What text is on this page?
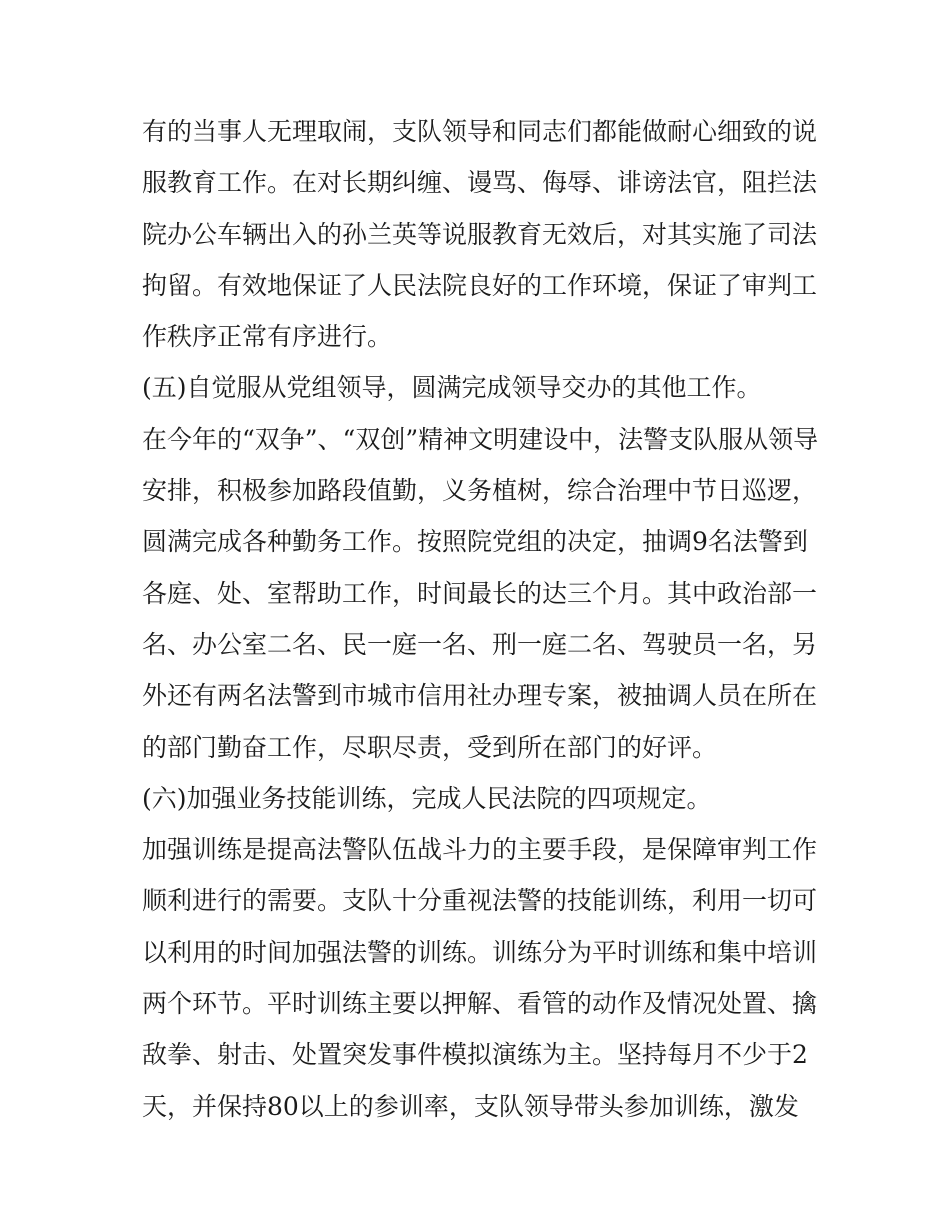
有的当事人无理取闹，支队领导和同志们都能做耐心细致的说
服教育工作。在对长期纠缠、谩骂、侮辱、诽谤法官，阻拦法
院办公车辆出入的孙兰英等说服教育无效后，对其实施了司法
拘留。有效地保证了人民法院良好的工作环境，保证了审判工
作秩序正常有序进行。
(五)自觉服从党组领导，圆满完成领导交办的其他工作。
在今年的“双争”、“双创”精神文明建设中，法警支队服从领导
安排，积极参加路段值勤，义务植树，综合治理中节日巡逻，
圆满完成各种勤务工作。按照院党组的决定，抽调9名法警到
各庭、处、室帮助工作，时间最长的达三个月。其中政治部一
名、办公室二名、民一庭一名、刑一庭二名、驾驶员一名，另
外还有两名法警到市城市信用社办理专案，被抽调人员在所在
的部门勤奋工作，尽职尽责，受到所在部门的好评。
(六)加强业务技能训练，完成人民法院的四项规定。
加强训练是提高法警队伍战斗力的主要手段，是保障审判工作
顺利进行的需要。支队十分重视法警的技能训练，利用一切可
以利用的时间加强法警的训练。训练分为平时训练和集中培训
两个环节。平时训练主要以押解、看管的动作及情况处置、擒
敌拳、射击、处置突发事件模拟演练为主。坚持每月不少于2
天，并保持80以上的参训率，支队领导带头参加训练，激发
